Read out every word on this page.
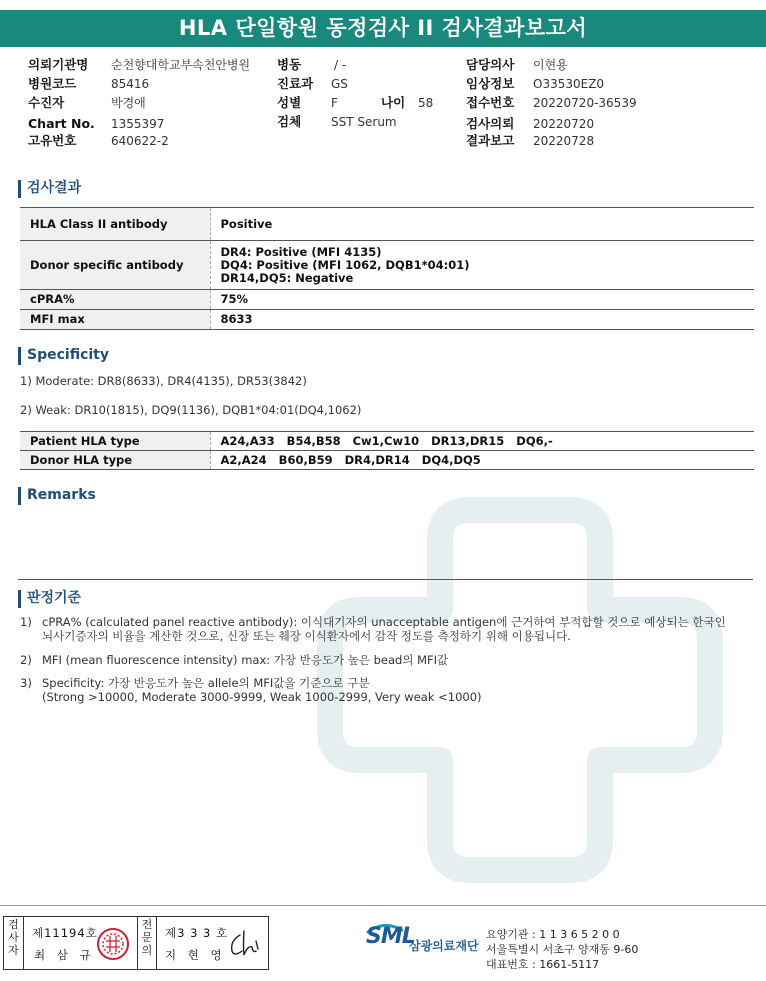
HLA 단일항원 동정검사 II 검사결과보고서
의뢰기관명 순천향대학교부속천안병원
병원코드	85416
수진자	박경애
Chart No. 1355397
고유번호	640622-2
병동	/ -
진료과 GS
성별 F	나이 58
검체 SST Serum
담당의사 이현용
임상정보 O33530EZ0
접수번호 20220720-36539
검사의뢰 20220720
결과보고 20220728
검사결과
HLA Class II antibody	Positive
Donor specific antibody	DR4: Positive (MFI 4135)
DQ4: Positive (MFI 1062, DQB1*04:01)
DR14,DQ5: Negative

cPRA%	75%
MFI max	8633
Specificity
1) Moderate: DR8(8633), DR4(4135), DR53(3842)
2) Weak: DR10(1815), DQ9(1136), DQB1*04:01(DQ4,1062)
Patient HLA type	A24,A33   B54,B58   Cw1,Cw10   DR13,DR15   DQ6,-
Donor HLA type	A2,A24   B60,B59   DR4,DR14   DQ4,DQ5
Remarks
판정기준
1) cPRA% (calculated panel reactive antibody): 이식대기자의 unacceptable antigen에 근거하여 부적합할 것으로 예상되는 한국인
뇌사기증자의 비율을 계산한 것으로, 신장 또는 췌장 이식환자에서 감작 정도를 측정하기 위해 이용됩니다.
2) MFI (mean fluorescence intensity) max: 가장 반응도가 높은 bead의 MFI값
3) Specificity: 가장 반응도가 높은 allele의 MFI값을 기준으로 구분
(Strong >10000, Moderate 3000-9999, Weak 1000-2999, Very weak <1000)
검사자
제11194호
최 삼 규
전문의
제3 3 3 호
지 현 영
SML
삼광의료재단
요양기관 : 1 1 3 6 5 2 0 0
서울특별시 서초구 양재동 9-60
대표번호 : 1661-5117
